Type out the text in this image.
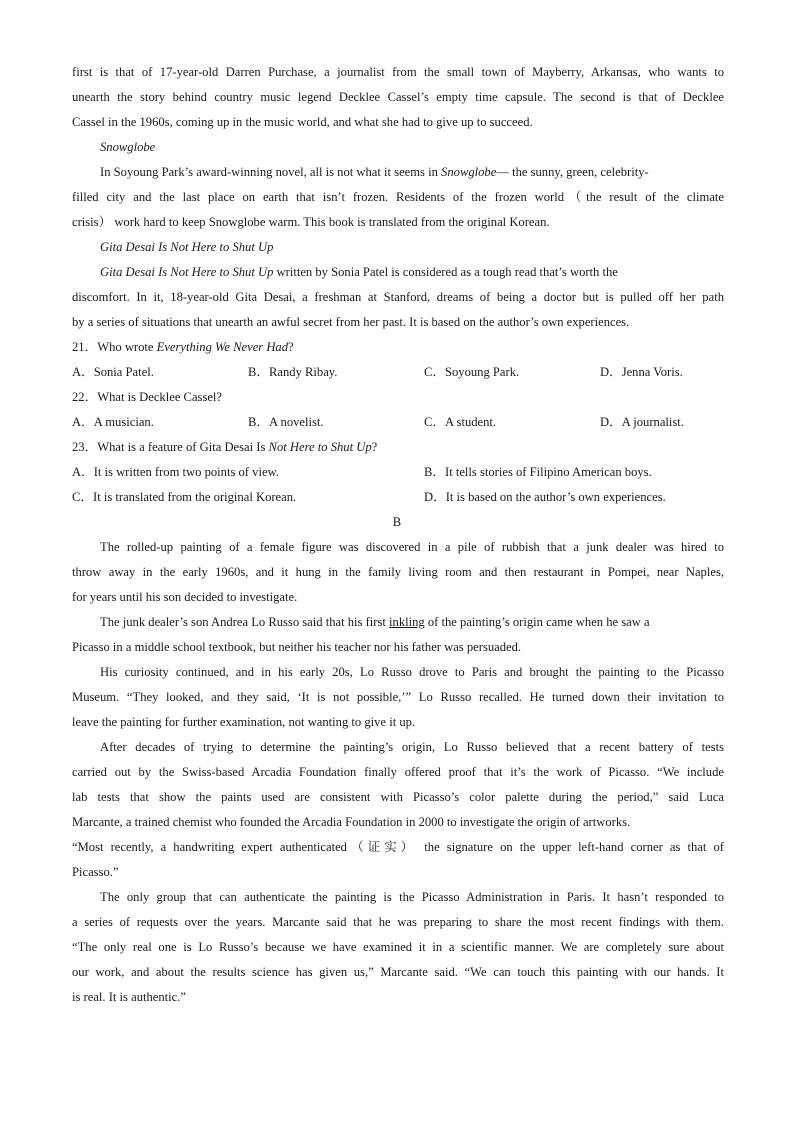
first is that of 17-year-old Darren Purchase, a journalist from the small town of Mayberry, Arkansas, who wants to
unearth the story behind country music legend Decklee Cassel’s empty time capsule. The second is that of Decklee
Cassel in the 1960s, coming up in the music world, and what she had to give up to succeed.
Snowglobe
In Soyoung Park’s award-winning novel, all is not what it seems in Snowglobe— the sunny, green, celebrity-
filled city and the last place on earth that isn’t frozen. Residents of the frozen world（the result of the climate
crisis） work hard to keep Snowglobe warm. This book is translated from the original Korean.
Gita Desai Is Not Here to Shut Up
Gita Desai Is Not Here to Shut Up written by Sonia Patel is considered as a tough read that’s worth the
discomfort. In it, 18-year-old Gita Desai, a freshman at Stanford, dreams of being a doctor but is pulled off her path
by a series of situations that unearth an awful secret from her past. It is based on the author’s own experiences.
21．Who wrote Everything We Never Had?
A．Sonia Patel.	B．Randy Ribay.	C．Soyoung Park.	D．Jenna Voris.
22．What is Decklee Cassel?
A．A musician.	B．A novelist.	C．A student.	D．A journalist.
23．What is a feature of Gita Desai Is Not Here to Shut Up?
A．It is written from two points of view.	B．It tells stories of Filipino American boys.
C．It is translated from the original Korean.	D．It is based on the author’s own experiences.
B
The rolled-up painting of a female figure was discovered in a pile of rubbish that a junk dealer was hired to
throw away in the early 1960s, and it hung in the family living room and then restaurant in Pompei, near Naples,
for years until his son decided to investigate.
The junk dealer’s son Andrea Lo Russo said that his first inkling of the painting’s origin came when he saw a
Picasso in a middle school textbook, but neither his teacher nor his father was persuaded.
His curiosity continued, and in his early 20s, Lo Russo drove to Paris and brought the painting to the Picasso
Museum. “They looked, and they said, ‘It is not possible,’” Lo Russo recalled. He turned down their invitation to
leave the painting for further examination, not wanting to give it up.
After decades of trying to determine the painting’s origin, Lo Russo believed that a recent battery of tests
carried out by the Swiss-based Arcadia Foundation finally offered proof that it’s the work of Picasso. “We include
lab tests that show the paints used are consistent with Picasso’s color palette during the period,” said Luca
Marcante, a trained chemist who founded the Arcadia Foundation in 2000 to investigate the origin of artworks.
“Most recently, a handwriting expert authenticated（证实） the signature on the upper left-hand corner as that of
Picasso.”
The only group that can authenticate the painting is the Picasso Administration in Paris. It hasn’t responded to
a series of requests over the years. Marcante said that he was preparing to share the most recent findings with them.
“The only real one is Lo Russo’s because we have examined it in a scientific manner. We are completely sure about
our work, and about the results science has given us,” Marcante said. “We can touch this painting with our hands. It
is real. It is authentic.”
